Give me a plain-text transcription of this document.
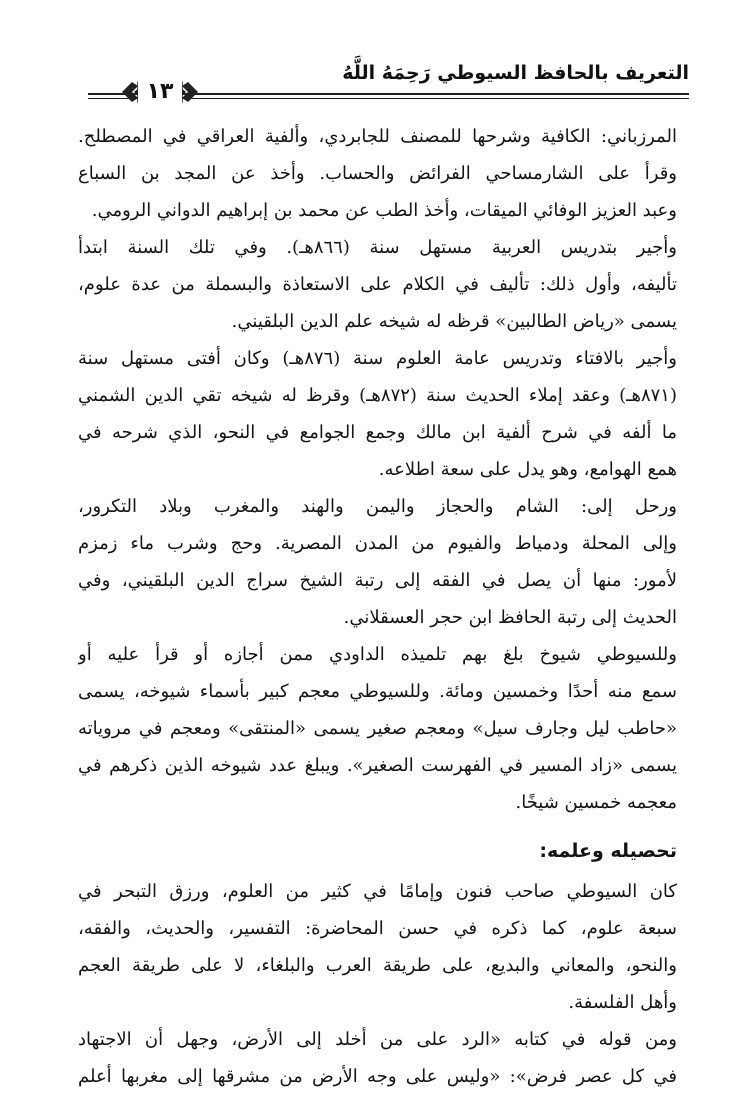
التعريف بالحافظ السيوطي رَحِمَهُ اللَّهُ
١٣

المرزباني: الكافية وشرحها للمصنف للجابردي، وألفية العراقي في المصطلح.
وقرأ على الشارمساحي الفرائض والحساب. وأخذ عن المجد بن السباع
وعبد العزيز الوفائي الميقات، وأخذ الطب عن محمد بن إبراهيم الدواني الرومي.

وأجير بتدريس العربية مستهل سنة (٨٦٦هـ). وفي تلك السنة ابتدأ
تأليفه، وأول ذلك: تأليف في الكلام على الاستعاذة والبسملة من عدة علوم،
يسمى «رياض الطالبين» قرظه له شيخه علم الدين البلقيني.

وأجير بالافتاء وتدريس عامة العلوم سنة (٨٧٦هـ) وكان أفتى مستهل سنة
(٨٧١هـ) وعقد إملاء الحديث سنة (٨٧٢هـ) وقرظ له شيخه تقي الدين الشمني
ما ألفه في شرح ألفية ابن مالك وجمع الجوامع في النحو، الذي شرحه في
همع الهوامع، وهو يدل على سعة اطلاعه.

ورحل إلى: الشام والحجاز واليمن والهند والمغرب وبلاد التكرور،
وإلى المحلة ودمياط والفيوم من المدن المصرية. وحج وشرب ماء زمزم
لأمور: منها أن يصل في الفقه إلى رتبة الشيخ سراج الدين البلقيني، وفي
الحديث إلى رتبة الحافظ ابن حجر العسقلاني.

وللسيوطي شيوخ بلغ بهم تلميذه الداودي ممن أجازه أو قرأ عليه أو
سمع منه أحدًا وخمسين ومائة. وللسيوطي معجم كبير بأسماء شيوخه، يسمى
«حاطب ليل وجارف سيل» ومعجم صغير يسمى «المنتقى» ومعجم في مروياته
يسمى «زاد المسير في الفهرست الصغير». ويبلغ عدد شيوخه الذين ذكرهم في
معجمه خمسين شيخًا.

تحصيله وعلمه:

كان السيوطي صاحب فنون وإمامًا في كثير من العلوم، ورزق التبحر في
سبعة علوم، كما ذكره في حسن المحاضرة: التفسير، والحديث، والفقه،
والنحو، والمعاني والبديع، على طريقة العرب والبلغاء، لا على طريقة العجم
وأهل الفلسفة.

ومن قوله في كتابه «الرد على من أخلد إلى الأرض، وجهل أن الاجتهاد
في كل عصر فرض»: «وليس على وجه الأرض من مشرقها إلى مغربها أعلم
